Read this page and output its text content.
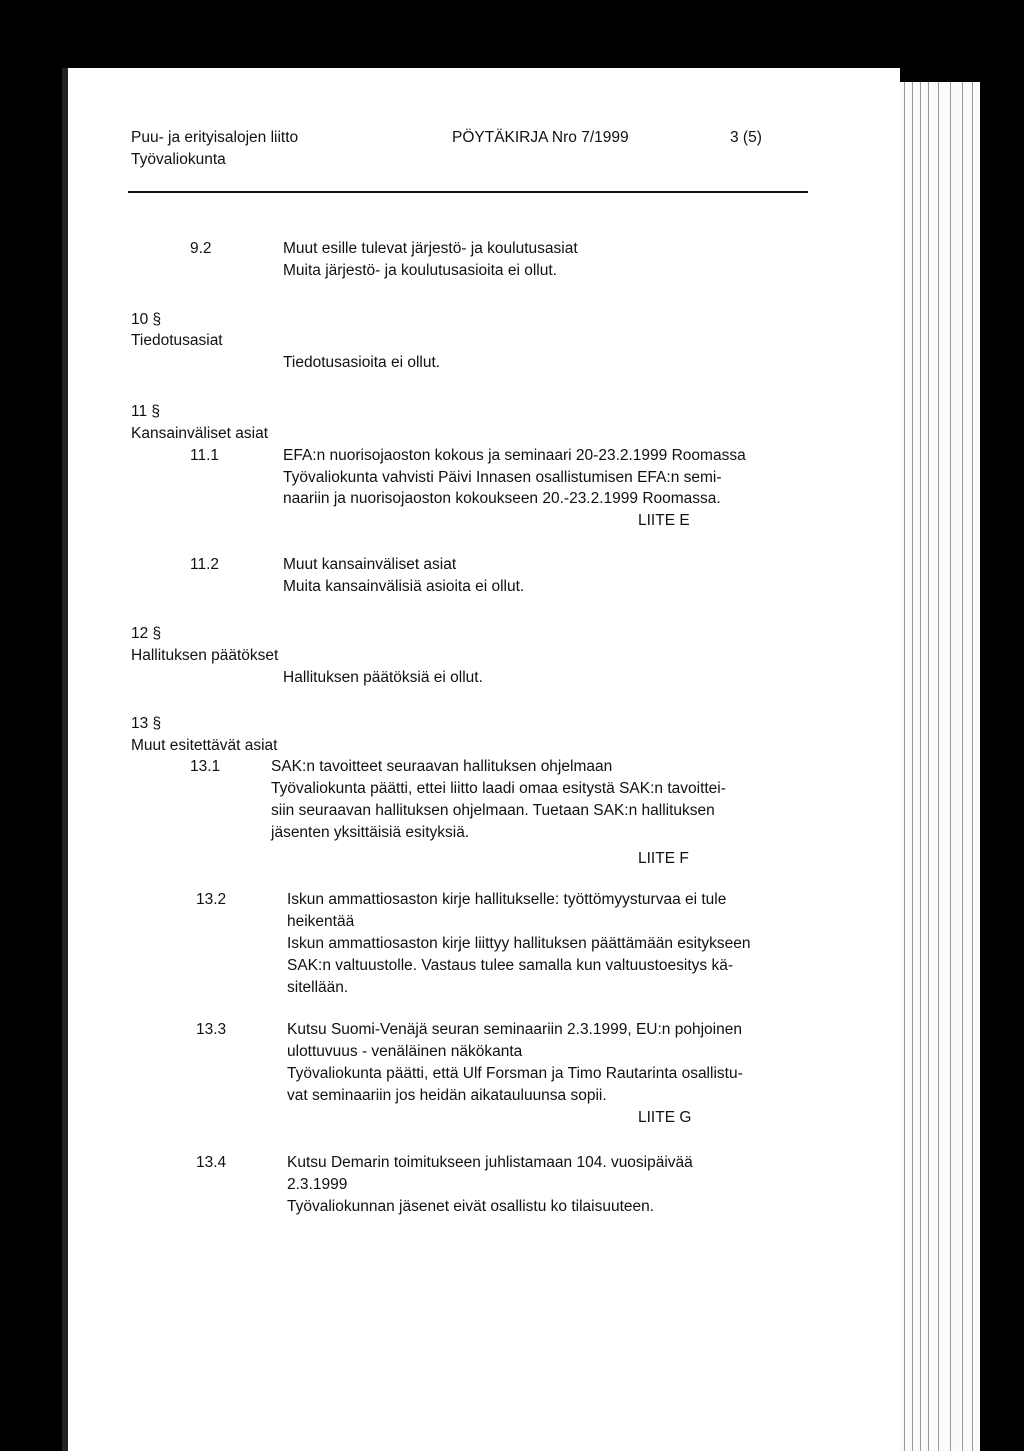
Puu- ja erityisalojen liitto
Työvaliokunta
PÖYTÄKIRJA Nro 7/1999	3 (5)
9.2	Muut esille tulevat järjestö- ja koulutusasiat
Muita järjestö- ja koulutusasioita ei ollut.
10 §
Tiedotusasiat
Tiedotusasioita ei ollut.
11 §
Kansainväliset asiat
11.1	EFA:n nuorisojaoston kokous ja seminaari 20-23.2.1999 Roomassa
Työvaliokunta vahvisti Päivi Innasen osallistumisen EFA:n semi-
naariin ja nuorisojaoston kokoukseen 20.-23.2.1999 Roomassa.
LIITE E
11.2	Muut kansainväliset asiat
Muita kansainvälisiä asioita ei ollut.
12 §
Hallituksen päätökset
Hallituksen päätöksiä ei ollut.
13 §
Muut esitettävät asiat
13.1	SAK:n tavoitteet seuraavan hallituksen ohjelmaan
Työvaliokunta päätti, ettei liitto laadi omaa esitystä SAK:n tavoittei-
siin seuraavan hallituksen ohjelmaan. Tuetaan SAK:n hallituksen
jäsenten yksittäisiä esityksiä.
LIITE F
13.2	Iskun ammattiosaston kirje hallitukselle: työttömyysturvaa ei tule
heikentää
Iskun ammattiosaston kirje liittyy hallituksen päättämään esitykseen
SAK:n valtuustolle. Vastaus tulee samalla kun valtuustoesitys kä-
sitellään.
13.3	Kutsu Suomi-Venäjä seuran seminaariin 2.3.1999, EU:n pohjoinen
ulottuvuus - venäläinen näkökanta
Työvaliokunta päätti, että Ulf Forsman ja Timo Rautarinta osallistu-
vat seminaariin jos heidän aikatauluunsa sopii.
LIITE G
13.4	Kutsu Demarin toimitukseen juhlistamaan 104. vuosipäivää
2.3.1999
Työvaliokunnan jäsenet eivät osallistu ko tilaisuuteen.
